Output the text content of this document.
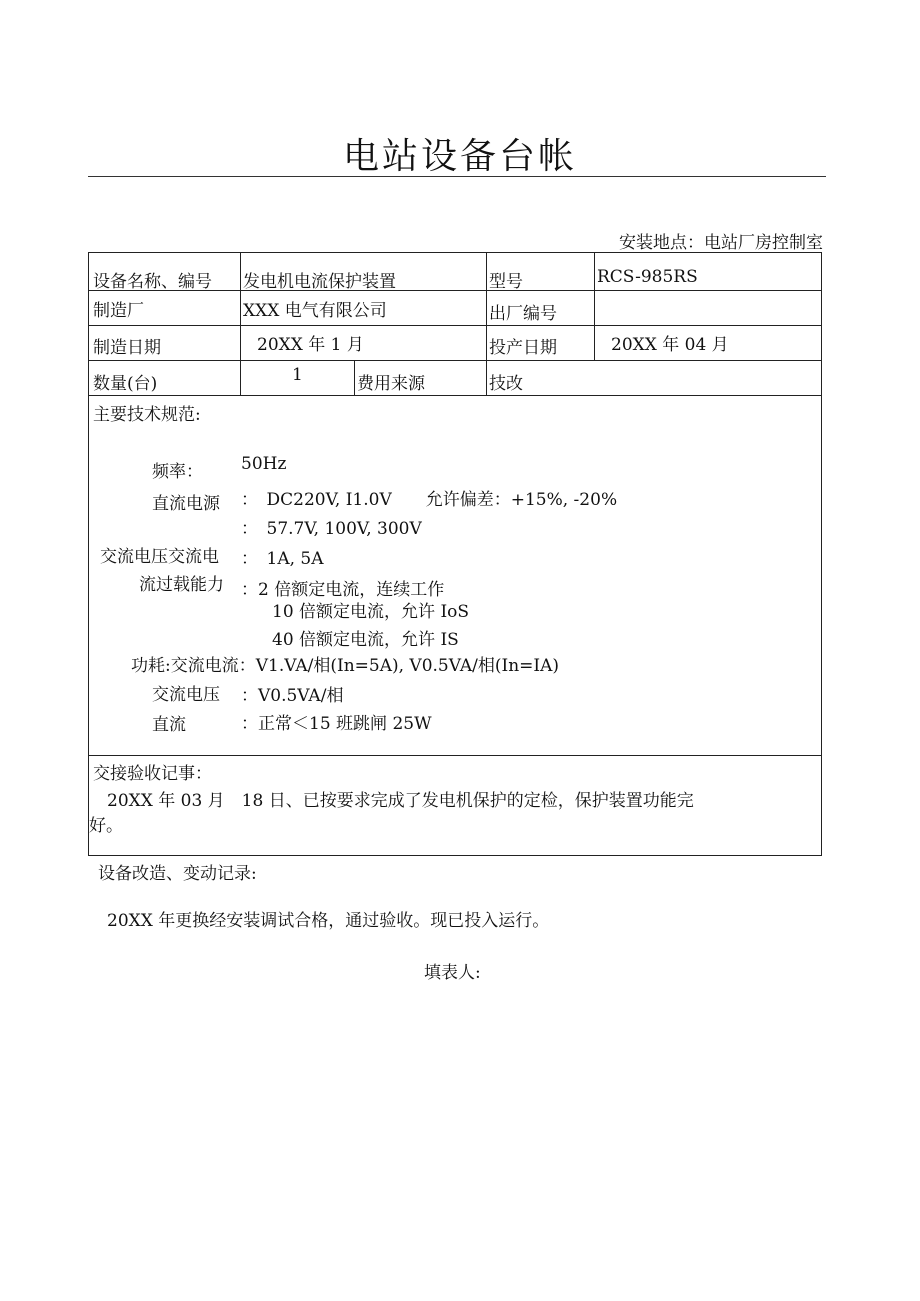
电站设备台帐
安装地点：电站厂房控制室
设备名称、编号 发电机电流保护装置	型号	RCS-985RS
制造厂	XXX 电气有限公司	出厂编号
制造日期	20XX 年 1 月	投产日期	20XX 年 04 月
数量(台)	1	费用来源	技改
主要技术规范:
频率： 50Hz
直流电源 ：　DC220V, I1.0V　　允许偏差：+15%, -20%
：　57.7V, 100V, 300V
交流电压交流电 ：　1A, 5A
流过载能力 ：2 倍额定电流，连续工作
10 倍额定电流，允许 IoS
40 倍额定电流，允许 IS
功耗:交流电流：V1.VA/相(In=5A), V0.5VA/相(In=IA)
交流电压 ：V0.5VA/相
直流	：正常＜15 班跳闸 25W
交接验收记事：
20XX 年 03 月　18 日、已按要求完成了发电机保护的定检，保护装置功能完
好。
设备改造、变动记录:
20XX 年更换经安装调试合格，通过验收。现已投入运行。
填表人:
